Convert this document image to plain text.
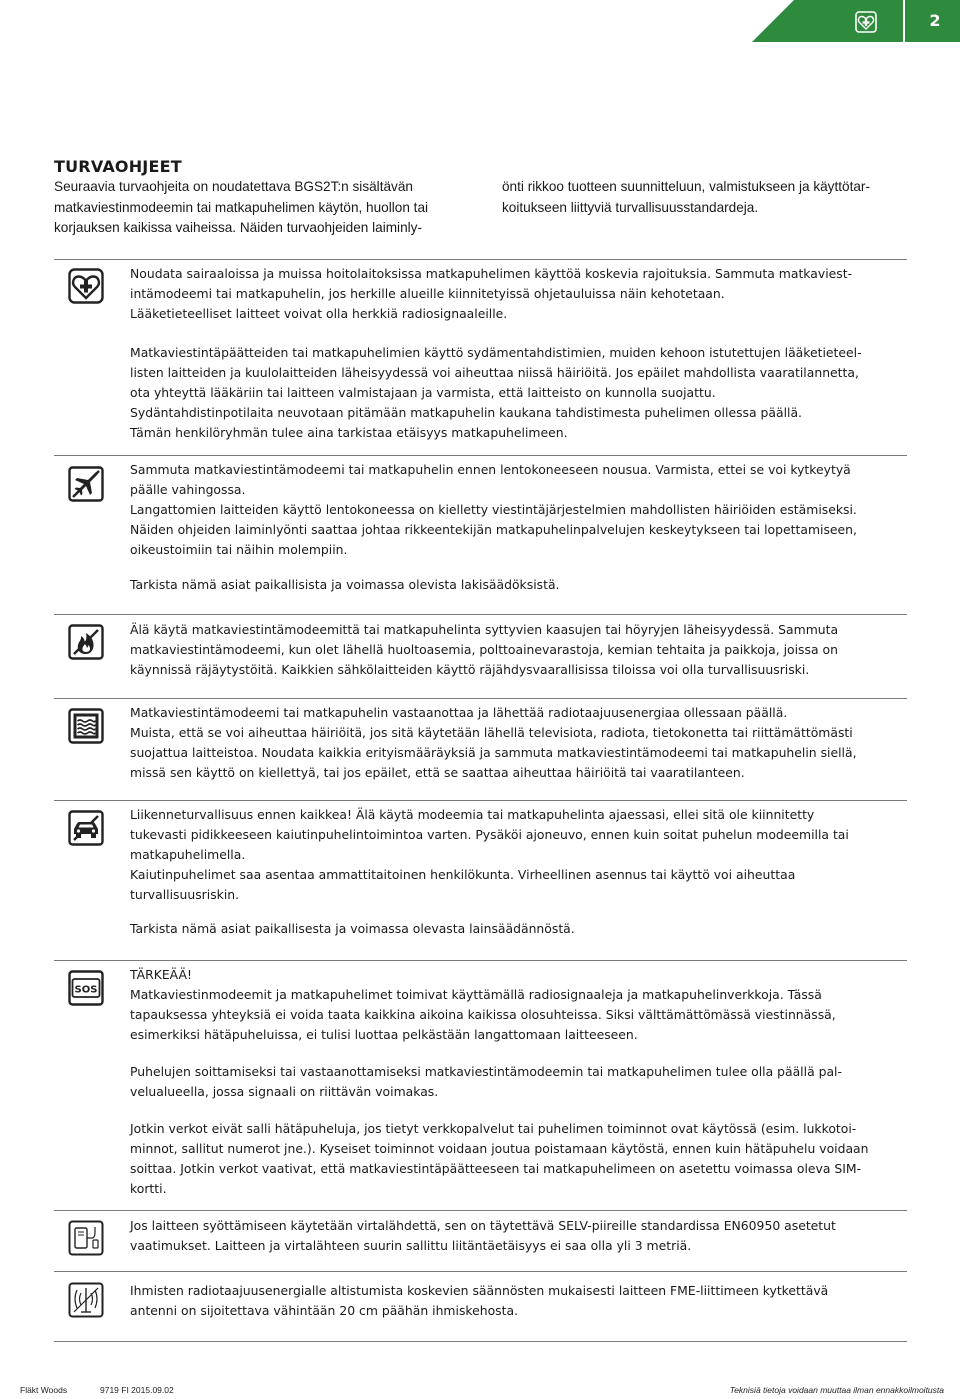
2
TURVAOHJEET
Seuraavia turvaohjeita on noudatettava BGS2T:n sisältävän
matkaviestinmodeemin tai matkapuhelimen käytön, huollon tai
korjauksen kaikissa vaiheissa. Näiden turvaohjeiden laiminly-
önti rikkoo tuotteen suunnitteluun, valmistukseen ja käyttötar-
koitukseen liittyviä turvallisuusstandardeja.

Noudata sairaaloissa ja muissa hoitolaitoksissa matkapuhelimen käyttöä koskevia rajoituksia. Sammuta matkaviest-
intämodeemi tai matkapuhelin, jos herkille alueille kiinnitetyissä ohjetauluissa näin kehotetaan.
Lääketieteelliset laitteet voivat olla herkkiä radiosignaaleille.

Matkaviestintäpäätteiden tai matkapuhelimien käyttö sydämentahdistimien, muiden kehoon istutettujen lääketieteel-
listen laitteiden ja kuulolaitteiden läheisyydessä voi aiheuttaa niissä häiriöitä. Jos epäilet mahdollista vaaratilannetta,
ota yhteyttä lääkäriin tai laitteen valmistajaan ja varmista, että laitteisto on kunnolla suojattu.
Sydäntahdistinpotilaita neuvotaan pitämään matkapuhelin kaukana tahdistimesta puhelimen ollessa päällä.
Tämän henkilöryhmän tulee aina tarkistaa etäisyys matkapuhelimeen.

Sammuta matkaviestintämodeemi tai matkapuhelin ennen lentokoneeseen nousua. Varmista, ettei se voi kytkeytyä
päälle vahingossa.
Langattomien laitteiden käyttö lentokoneessa on kielletty viestintäjärjestelmien mahdollisten häiriöiden estämiseksi.
Näiden ohjeiden laiminlyönti saattaa johtaa rikkeentekijän matkapuhelinpalvelujen keskeytykseen tai lopettamiseen,
oikeustoimiin tai näihin molempiin.

Tarkista nämä asiat paikallisista ja voimassa olevista lakisäädöksistä.

Älä käytä matkaviestintämodeemittä tai matkapuhelinta syttyvien kaasujen tai höyryjen läheisyydessä. Sammuta
matkaviestintämodeemi, kun olet lähellä huoltoasemia, polttoainevarastoja, kemian tehtaita ja paikkoja, joissa on
käynnissä räjäytystöitä. Kaikkien sähkölaitteiden käyttö räjähdysvaarallisissa tiloissa voi olla turvallisuusriski.

Matkaviestintämodeemi tai matkapuhelin vastaanottaa ja lähettää radiotaajuusenergiaa ollessaan päällä.
Muista, että se voi aiheuttaa häiriöitä, jos sitä käytetään lähellä televisiota, radiota, tietokonetta tai riittämättömästi
suojattua laitteistoa. Noudata kaikkia erityismääräyksiä ja sammuta matkaviestintämodeemi tai matkapuhelin siellä,
missä sen käyttö on kiellettyä, tai jos epäilet, että se saattaa aiheuttaa häiriöitä tai vaaratilanteen.

Liikenneturvallisuus ennen kaikkea! Älä käytä modeemia tai matkapuhelinta ajaessasi, ellei sitä ole kiinnitetty
tukevasti pidikkeeseen kaiutinpuhelintoimintoa varten. Pysäköi ajoneuvo, ennen kuin soitat puhelun modeemilla tai
matkapuhelimella.
Kaiutinpuhelimet saa asentaa ammattitaitoinen henkilökunta. Virheellinen asennus tai käyttö voi aiheuttaa
turvallisuusriskin.

Tarkista nämä asiat paikallisesta ja voimassa olevasta lainsäädännöstä.

SOS

TÄRKEÄÄ!
Matkaviestinmodeemit ja matkapuhelimet toimivat käyttämällä radiosignaaleja ja matkapuhelinverkkoja. Tässä
tapauksessa yhteyksiä ei voida taata kaikkina aikoina kaikissa olosuhteissa. Siksi välttämättömässä viestinnässä,
esimerkiksi hätäpuheluissa, ei tulisi luottaa pelkästään langattomaan laitteeseen.

Puhelujen soittamiseksi tai vastaanottamiseksi matkaviestintämodeemin tai matkapuhelimen tulee olla päällä pal-
velualueella, jossa signaali on riittävän voimakas.

Jotkin verkot eivät salli hätäpuheluja, jos tietyt verkkopalvelut tai puhelimen toiminnot ovat käytössä (esim. lukkotoi-
minnot, sallitut numerot jne.). Kyseiset toiminnot voidaan joutua poistamaan käytöstä, ennen kuin hätäpuhelu voidaan
soittaa. Jotkin verkot vaativat, että matkaviestintäpäätteeseen tai matkapuhelimeen on asetettu voimassa oleva SIM-
kortti.

Jos laitteen syöttämiseen käytetään virtalähdettä, sen on täytettävä SELV-piireille standardissa EN60950 asetetut
vaatimukset. Laitteen ja virtalähteen suurin sallittu liitäntäetäisyys ei saa olla yli 3 metriä.

Ihmisten radiotaajuusenergialle altistumista koskevien säännösten mukaisesti laitteen FME-liittimeen kytkettävä
antenni on sijoitettava vähintään 20 cm päähän ihmiskehosta.

Fläkt Woods	9719 FI 2015.09.02	Teknisiä tietoja voidaan muuttaa ilman ennakkoilmoitusta
